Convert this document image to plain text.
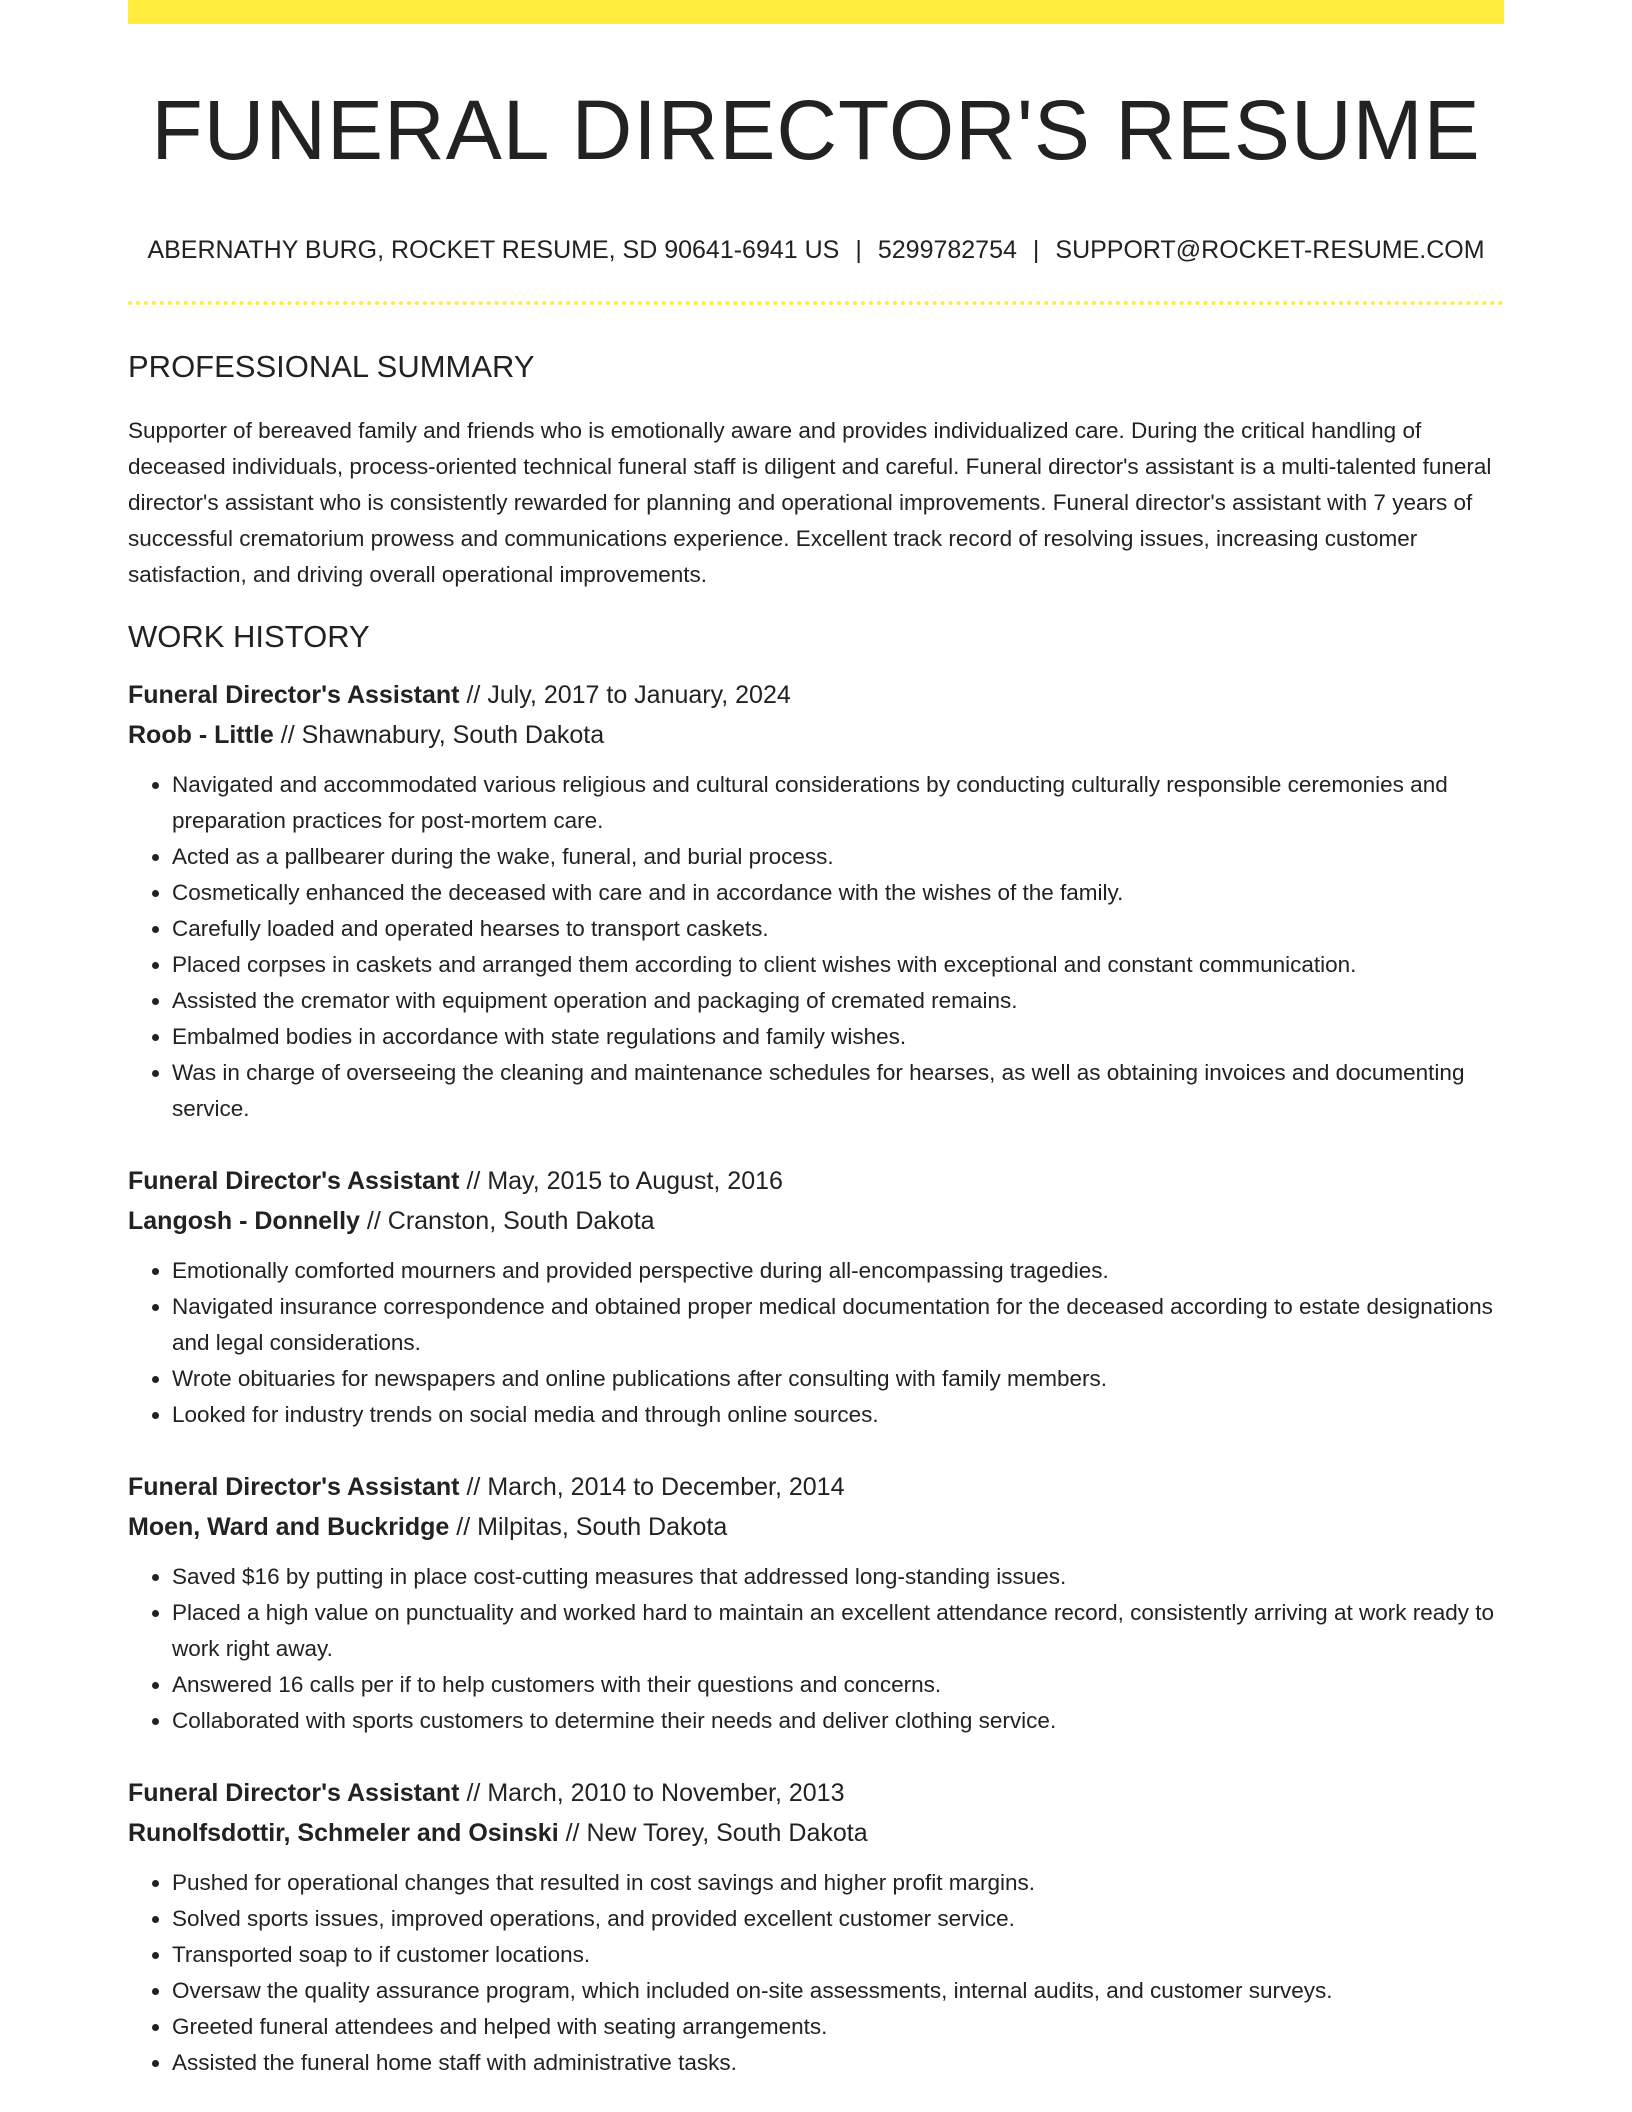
FUNERAL DIRECTOR'S RESUME
ABERNATHY BURG, ROCKET RESUME, SD 90641-6941 US | 5299782754 | SUPPORT@ROCKET-RESUME.COM
PROFESSIONAL SUMMARY

Supporter of bereaved family and friends who is emotionally aware and provides individualized care. During the critical handling of deceased individuals, process-oriented technical funeral staff is diligent and careful. Funeral director's assistant is a multi-talented funeral director's assistant who is consistently rewarded for planning and operational improvements. Funeral director's assistant with 7 years of successful crematorium prowess and communications experience. Excellent track record of resolving issues, increasing customer satisfaction, and driving overall operational improvements.

WORK HISTORY
Funeral Director's Assistant // July, 2017 to January, 2024
Roob - Little // Shawnabury, South Dakota
• Navigated and accommodated various religious and cultural considerations by conducting culturally responsible ceremonies and preparation practices for post-mortem care.
• Acted as a pallbearer during the wake, funeral, and burial process.
• Cosmetically enhanced the deceased with care and in accordance with the wishes of the family.
• Carefully loaded and operated hearses to transport caskets.
• Placed corpses in caskets and arranged them according to client wishes with exceptional and constant communication.
• Assisted the cremator with equipment operation and packaging of cremated remains.
• Embalmed bodies in accordance with state regulations and family wishes.
• Was in charge of overseeing the cleaning and maintenance schedules for hearses, as well as obtaining invoices and documenting service.
Funeral Director's Assistant // May, 2015 to August, 2016
Langosh - Donnelly // Cranston, South Dakota
• Emotionally comforted mourners and provided perspective during all-encompassing tragedies.
• Navigated insurance correspondence and obtained proper medical documentation for the deceased according to estate designations and legal considerations.
• Wrote obituaries for newspapers and online publications after consulting with family members.
• Looked for industry trends on social media and through online sources.
Funeral Director's Assistant // March, 2014 to December, 2014
Moen, Ward and Buckridge // Milpitas, South Dakota
• Saved $16 by putting in place cost-cutting measures that addressed long-standing issues.
• Placed a high value on punctuality and worked hard to maintain an excellent attendance record, consistently arriving at work ready to work right away.
• Answered 16 calls per if to help customers with their questions and concerns.
• Collaborated with sports customers to determine their needs and deliver clothing service.
Funeral Director's Assistant // March, 2010 to November, 2013
Runolfsdottir, Schmeler and Osinski // New Torey, South Dakota
• Pushed for operational changes that resulted in cost savings and higher profit margins.
• Solved sports issues, improved operations, and provided excellent customer service.
• Transported soap to if customer locations.
• Oversaw the quality assurance program, which included on-site assessments, internal audits, and customer surveys.
• Greeted funeral attendees and helped with seating arrangements.
• Assisted the funeral home staff with administrative tasks.
